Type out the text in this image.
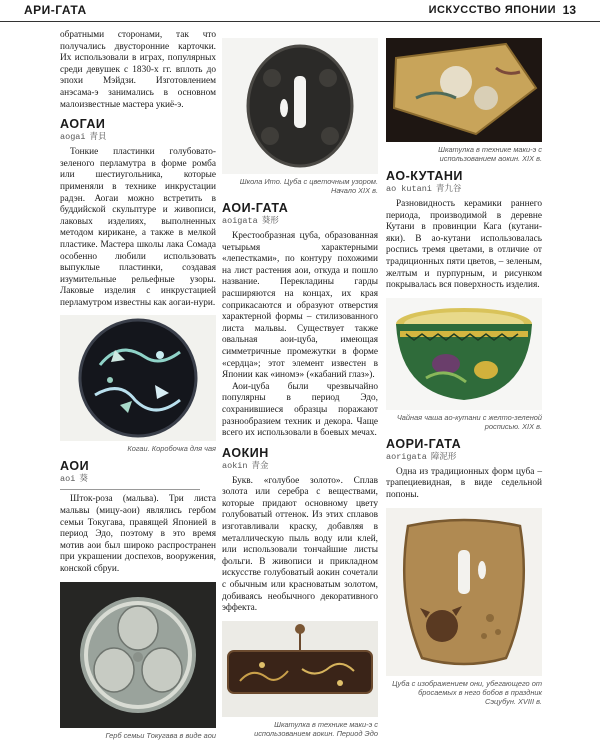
АРИ-ГАТА	ИСКУССТВО ЯПОНИИ 13

обратными сторонами, так что получались двусторонние карточки. Их использовали в играх, популярных среди девушек с 1830-х гг. вплоть до эпохи Мэйдзи. Изготовлением анэсама-э занимались в основном малоизвестные мастера укиё-э.

АОГАИ
aogai 青貝

Тонкие пластинки голубовато-зеленого перламутра в форме ромба или шестиугольника, которые применяли в технике инкрустации радэн. Аогаи можно встретить в буддийской скульптуре и живописи, лаковых изделиях, выполненных методом кирикане, а также в мелкой пластике. Мастера школы лака Сомада особенно любили использовать выпуклые пластинки, создавая изумительные рельефные узоры. Лаковые изделия с инкрустацией перламутром известны как аогаи-нури.

Когаи. Коробочка для чая
АОИ
aoi 葵

Шток-роза (мальва). Три листа мальвы (мицу-аои) являлись гербом семьи Токугава, правящей Японией в период Эдо, поэтому в это время мотив аои был широко распространен при украшении доспехов, вооружения, конской сбруи.

Герб семьи Токугава в виде аои
Школа Ито. Цуба с цветочным узором. Начало XIX в.
АОИ-ГАТА
aoigata 葵形

Крестообразная цуба, образованная четырьмя характерными «лепестками», по контуру похожими на лист растения аои, откуда и пошло название. Перекладины гарды расширяются на концах, их края соприкасаются и образуют отверстия характерной формы – стилизованного листа мальвы. Существует также овальная аои-цуба, имеющая симметричные промежутки в форме «сердца»; этот элемент известен в Японии как «иномэ» («кабаний глаз»).

Аои-цуба были чрезвычайно популярны в период Эдо, сохранившиеся образцы поражают разнообразием техник и декора. Чаще всего их использовали в боевых мечах.

АОКИН
aokin 青金

Букв. «голубое золото». Сплав золота или серебра с веществами, которые придают основному цвету голубоватый оттенок. Из этих сплавов изготавливали краску, добавляя в металлическую пыль воду или клей, или использовали тончайшие листы фольги. В живописи и прикладном искусстве голубоватый аокин сочетали с обычным или красноватым золотом, добиваясь необычного декоративного эффекта.

Шкатулка в технике маки-э с использованием аокин. Период Эдо
Шкатулка в технике маки-э с использованием аокин. XIX в.
АО-КУТАНИ
ao kutani 青九谷

Разновидность керамики раннего периода, производимой в деревне Кутани в провинции Кага (кутани-яки). В ао-кутани использовалась роспись тремя цветами, в отличие от традиционных пяти цветов, – зеленым, желтым и пурпурным, и рисунком покрывалась вся поверхность изделия.

Чайная чаша ао-кутани с желто-зеленой росписью. XIX в.
АОРИ-ГАТА
aorigata 障泥形

Одна из традиционных форм цуба – трапециевидная, в виде седельной попоны.

Цуба с изображением они, убегающего от бросаемых в него бобов в праздник Сэцубун. XVIII в.
